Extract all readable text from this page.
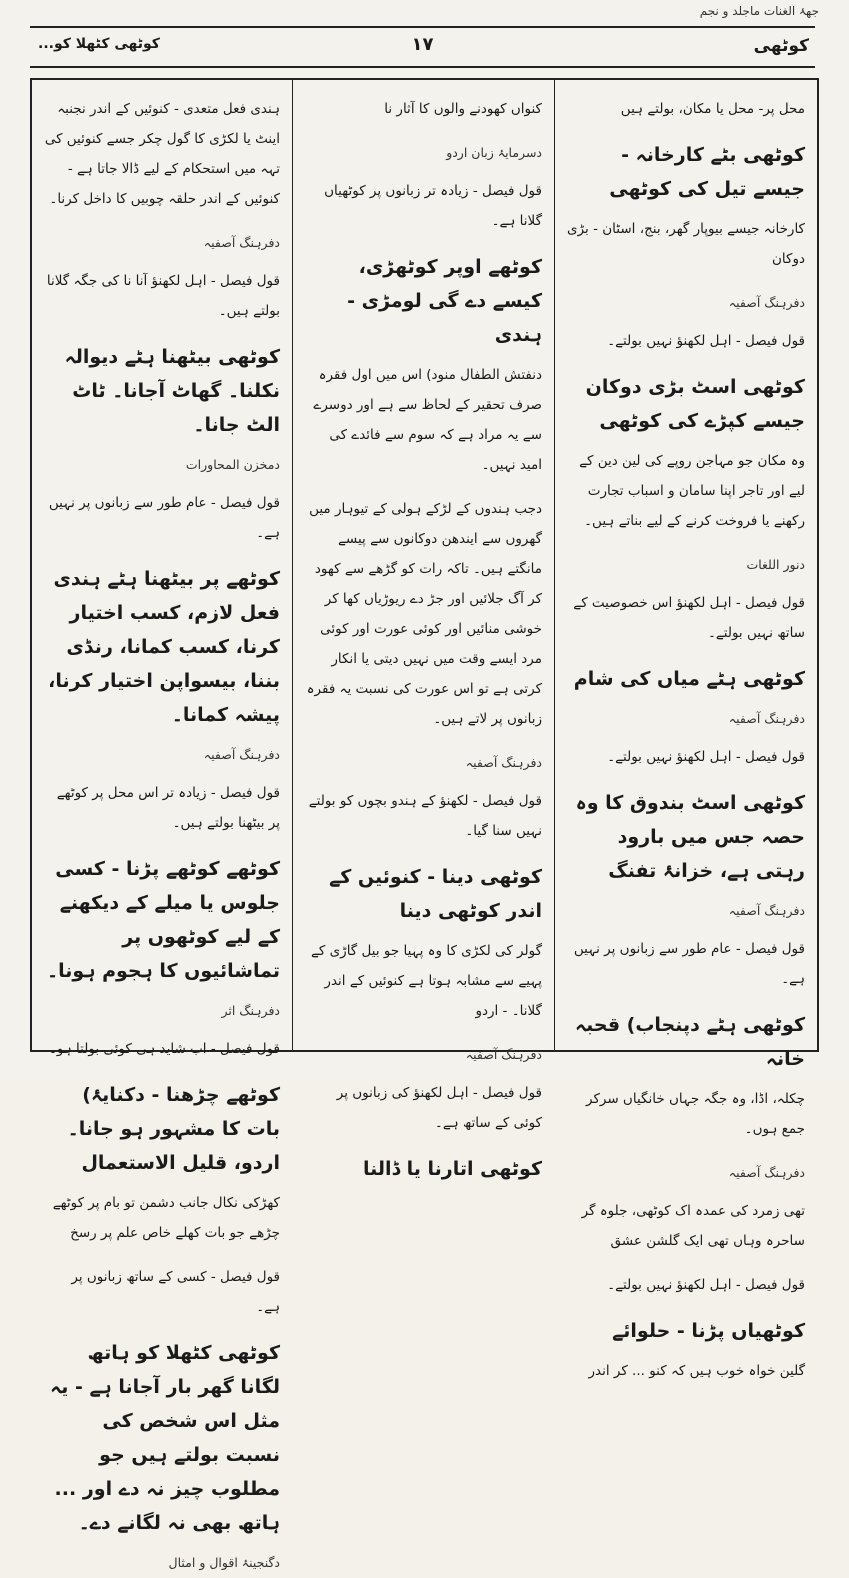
جهۂ الغنات ماجلد و نجم
کوٹھی
۱۷
کوٹھی کٹھلا کو...

محل پر- محل یا مکان، بولتے ہیں

کوٹھی بٹے کارخانہ - جیسے تیل کی کوٹھی

کارخانہ جیسے بیوپار گھر، بنج، اسٹان - بڑی دوکان

دفرہنگ آصفیہ

قول فیصل - اہل لکھنؤ نہیں بولتے۔

کوٹھی اسٹ بڑی دوکان جیسے کپڑے کی کوٹھی

وہ مکان جو مہاجن روپے کی لین دین کے لیے اور تاجر اپنا سامان و اسباب تجارت رکھنے یا فروخت کرنے کے لیے بناتے ہیں۔

دنور اللغات

قول فیصل - اہل لکھنؤ اس خصوصیت کے ساتھ نہیں بولتے۔

کوٹھی ہٹے میاں کی شام

دفرہنگ آصفیہ

قول فیصل - اہل لکھنؤ نہیں بولتے۔

کوٹھی اسٹ بندوق کا وہ حصہ جس میں بارود رہتی ہے، خزانۂ تفنگ

دفرہنگ آصفیہ

قول فیصل - عام طور سے زبانوں پر نہیں ہے۔

کوٹھی ہٹے دپنجاب) قحبہ خانہ

چکلہ، اڈا، وہ جگہ جہاں خانگیاں سرکر جمع ہوں۔

دفرہنگ آصفیہ

تھی زمرد کی عمدہ اک کوٹھی، جلوہ گر ساحرہ وہاں تھی ایک گلشن عشق

قول فیصل - اہل لکھنؤ نہیں بولتے۔

کوٹھیاں پڑنا - حلوائے

گلین خواہ خوب ہیں کہ کنو ... کر اندر

کنواں کھودنے والوں کا آثار نا

دسرمایۂ زبان اردو

قول فیصل - زیادہ تر زبانوں پر کوٹھیاں گلانا ہے۔

کوٹھے اوپر کوٹھڑی، کیسے دے گی لومڑی - ہندی

دنفتش الطفال منود) اس میں اول فقرہ صرف تحقیر کے لحاظ سے ہے اور دوسرے سے یہ مراد ہے کہ سوم سے فائدے کی امید نہیں۔

دجب ہندوں کے لڑکے ہولی کے تیوہار میں گھروں سے ایندھن دوکانوں سے پیسے مانگتے ہیں۔ تاکہ رات کو گڑھے سے کھود کر آگ جلائیں اور جڑ دے ریوڑیاں کھا کر خوشی منائیں اور کوئی عورت اور کوئی مرد ایسے وقت میں نہیں دیتی یا انکار کرتی ہے تو اس عورت کی نسبت یہ فقرہ زبانوں پر لاتے ہیں۔

دفرہنگ آصفیہ

قول فیصل - لکھنؤ کے ہندو بچوں کو بولتے نہیں سنا گیا۔

کوٹھی دینا - کنوئیں کے اندر کوٹھی دینا

گولر کی لکڑی کا وہ پہیا جو بیل گاڑی کے پہیے سے مشابہ ہوتا ہے کنوئیں کے اندر گلانا۔ - اردو

دفرہنگ آصفیہ

قول فیصل - اہل لکھنؤ کی زبانوں پر کوئی کے ساتھ ہے۔

کوٹھی اتارنا یا ڈالنا

ہندی فعل متعدی - کنوئیں کے اندر نجنبہ اینٹ یا لکڑی کا گول چکر جسے کنوئیں کی تہہ میں استحکام کے لیے ڈالا جاتا ہے - کنوئیں کے اندر حلقہ چوبیں کا داخل کرنا۔

دفرہنگ آصفیہ

قول فیصل - اہل لکھنؤ آنا نا کی جگہ گلانا بولتے ہیں۔

کوٹھی بیٹھنا ہٹے دیوالہ نکلنا۔ گھاٹ آجانا۔ ٹاٹ الٹ جانا۔

دمخزن المحاورات

قول فیصل - عام طور سے زبانوں پر نہیں ہے۔

کوٹھے پر بیٹھنا ہٹے ہندی فعل لازم، کسب اختیار کرنا، کسب کمانا، رنڈی بننا، بیسواپن اختیار کرنا، پیشہ کمانا۔

دفرہنگ آصفیہ

قول فیصل - زیادہ تر اس محل پر کوٹھے پر بیٹھنا بولتے ہیں۔

کوٹھے کوٹھے پڑنا - کسی جلوس یا میلے کے دیکھنے کے لیے کوٹھوں پر تماشائیوں کا ہجوم ہونا۔

دفرہنگ اثر

قول فیصل - اب شاید ہی کوئی بولتا ہو۔

کوٹھے چڑھنا - دکنایۂ) بات کا مشہور ہو جانا۔ اردو، قلیل الاستعمال

کھڑکی نکال جانب دشمن تو بام پر کوٹھے چڑھے جو بات کھلے خاص علم پر رسخ

قول فیصل - کسی کے ساتھ زبانوں پر ہے۔

کوٹھی کٹھلا کو ہاتھ لگانا گھر بار آجانا ہے - یہ مثل اس شخص کی نسبت بولتے ہیں جو مطلوب چیز نہ دے اور ... ہاتھ بھی نہ لگانے دے۔

دگنجینۂ اقوال و امثال
